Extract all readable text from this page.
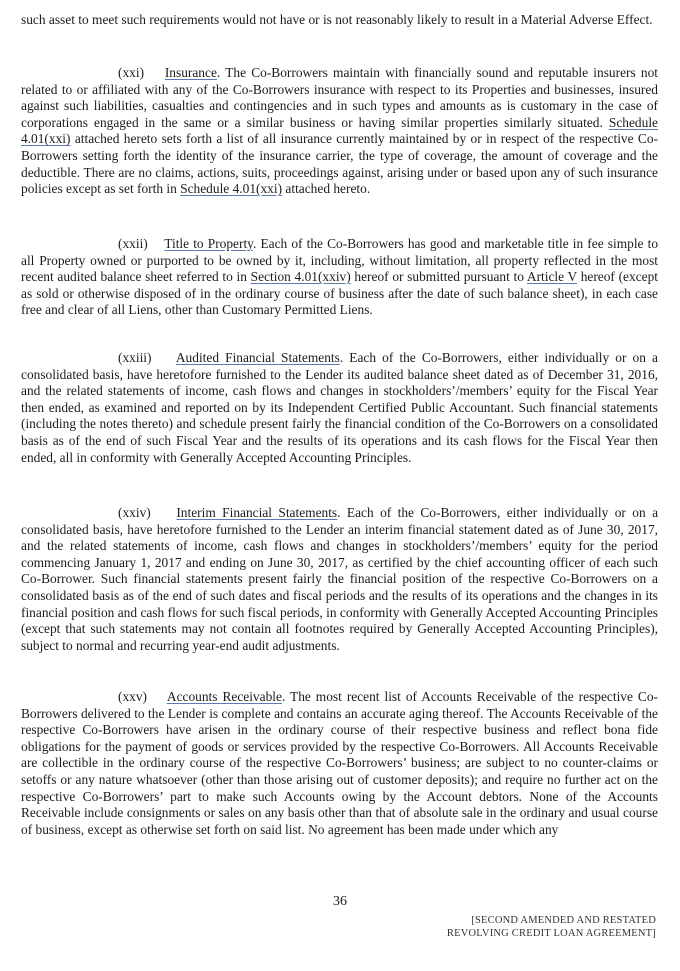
such asset to meet such requirements would not have or is not reasonably likely to result in a Material Adverse Effect.

(xxi) Insurance. The Co-Borrowers maintain with financially sound and reputable insurers not related to or affiliated with any of the Co-Borrowers insurance with respect to its Properties and businesses, insured against such liabilities, casualties and contingencies and in such types and amounts as is customary in the case of corporations engaged in the same or a similar business or having similar properties similarly situated. Schedule 4.01(xxi) attached hereto sets forth a list of all insurance currently maintained by or in respect of the respective Co-Borrowers setting forth the identity of the insurance carrier, the type of coverage, the amount of coverage and the deductible. There are no claims, actions, suits, proceedings against, arising under or based upon any of such insurance policies except as set forth in Schedule 4.01(xxi) attached hereto.

(xxii) Title to Property. Each of the Co-Borrowers has good and marketable title in fee simple to all Property owned or purported to be owned by it, including, without limitation, all property reflected in the most recent audited balance sheet referred to in Section 4.01(xxiv) hereof or submitted pursuant to Article V hereof (except as sold or otherwise disposed of in the ordinary course of business after the date of such balance sheet), in each case free and clear of all Liens, other than Customary Permitted Liens.

(xxiii) Audited Financial Statements. Each of the Co-Borrowers, either individually or on a consolidated basis, have heretofore furnished to the Lender its audited balance sheet dated as of December 31, 2016, and the related statements of income, cash flows and changes in stockholders’/members’ equity for the Fiscal Year then ended, as examined and reported on by its Independent Certified Public Accountant. Such financial statements (including the notes thereto) and schedule present fairly the financial condition of the Co-Borrowers on a consolidated basis as of the end of such Fiscal Year and the results of its operations and its cash flows for the Fiscal Year then ended, all in conformity with Generally Accepted Accounting Principles.

(xxiv) Interim Financial Statements. Each of the Co-Borrowers, either individually or on a consolidated basis, have heretofore furnished to the Lender an interim financial statement dated as of June 30, 2017, and the related statements of income, cash flows and changes in stockholders’/members’ equity for the period commencing January 1, 2017 and ending on June 30, 2017, as certified by the chief accounting officer of each such Co-Borrower. Such financial statements present fairly the financial position of the respective Co-Borrowers on a consolidated basis as of the end of such dates and fiscal periods and the results of its operations and the changes in its financial position and cash flows for such fiscal periods, in conformity with Generally Accepted Accounting Principles (except that such statements may not contain all footnotes required by Generally Accepted Accounting Principles), subject to normal and recurring year-end audit adjustments.

(xxv) Accounts Receivable. The most recent list of Accounts Receivable of the respective Co-Borrowers delivered to the Lender is complete and contains an accurate aging thereof. The Accounts Receivable of the respective Co-Borrowers have arisen in the ordinary course of their respective business and reflect bona fide obligations for the payment of goods or services provided by the respective Co-Borrowers. All Accounts Receivable are collectible in the ordinary course of the respective Co-Borrowers’ business; are subject to no counter-claims or setoffs or any nature whatsoever (other than those arising out of customer deposits); and require no further act on the respective Co-Borrowers’ part to make such Accounts owing by the Account debtors. None of the Accounts Receivable include consignments or sales on any basis other than that of absolute sale in the ordinary and usual course of business, except as otherwise set forth on said list. No agreement has been made under which any

36
[SECOND AMENDED AND RESTATED
REVOLVING CREDIT LOAN AGREEMENT]
